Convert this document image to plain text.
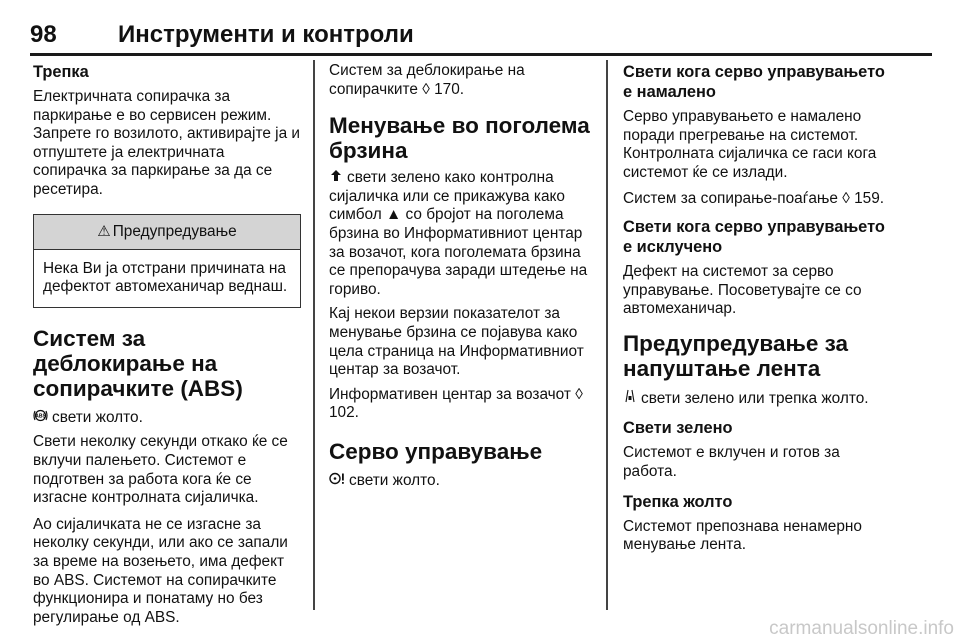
98	Инструменти и контроли
Трепка

Електричната сопирачка за паркирање е во сервисен режим. Запрете го возилото, активирајте ја и отпуштете ја електричната сопирачка за паркирање за да се ресетира.

⚠ Предупредување
Нека Ви ја отстрани причината на дефектот автомеханичар веднаш.
Систем за деблокирање на сопирачките (ABS)

ABS свети жолто.

Свети неколку секунди откако ќе се вклучи палењето. Системот е подготвен за работа кога ќе се изгасне контролната сијаличка.

Ао сијаличката не се изгасне за неколку секунди, или ако се запали за време на возењето, има дефект во ABS. Системот на сопирачките функционира и понатаму но без регулирање од ABS.

Систем за деблокирање на сопирачките ◊ 170.

Менување во поголема брзина

свети зелено како контролна сијаличка или се прикажува како симбол ▲ со бројот на поголема брзина во Информативниот центар за возачот, кога поголемата брзина се препорачува заради штедење на гориво.

Кај некои верзии показателот за менување брзина се појавува како цела страница на Информативниот центар за возачот.

Информативен центар за возачот ◊ 102.

Серво управување

свети жолто.

Свети кога серво управувањето е намалено

Серво управувањето е намалено поради прегревање на системот. Контролната сијаличка се гаси кога системот ќе се излади.

Систем за сопирање-поаѓање ◊ 159.

Свети кога серво управувањето е исклучено

Дефект на системот за серво управување. Посоветувајте се со автомеханичар.

Предупредување за напуштање лента

свети зелено или трепка жолто.

Свети зелено

Системот е вклучен и готов за работа.

Трепка жолто

Системот препознава ненамерно менување лента.

carmanualsonline.info
